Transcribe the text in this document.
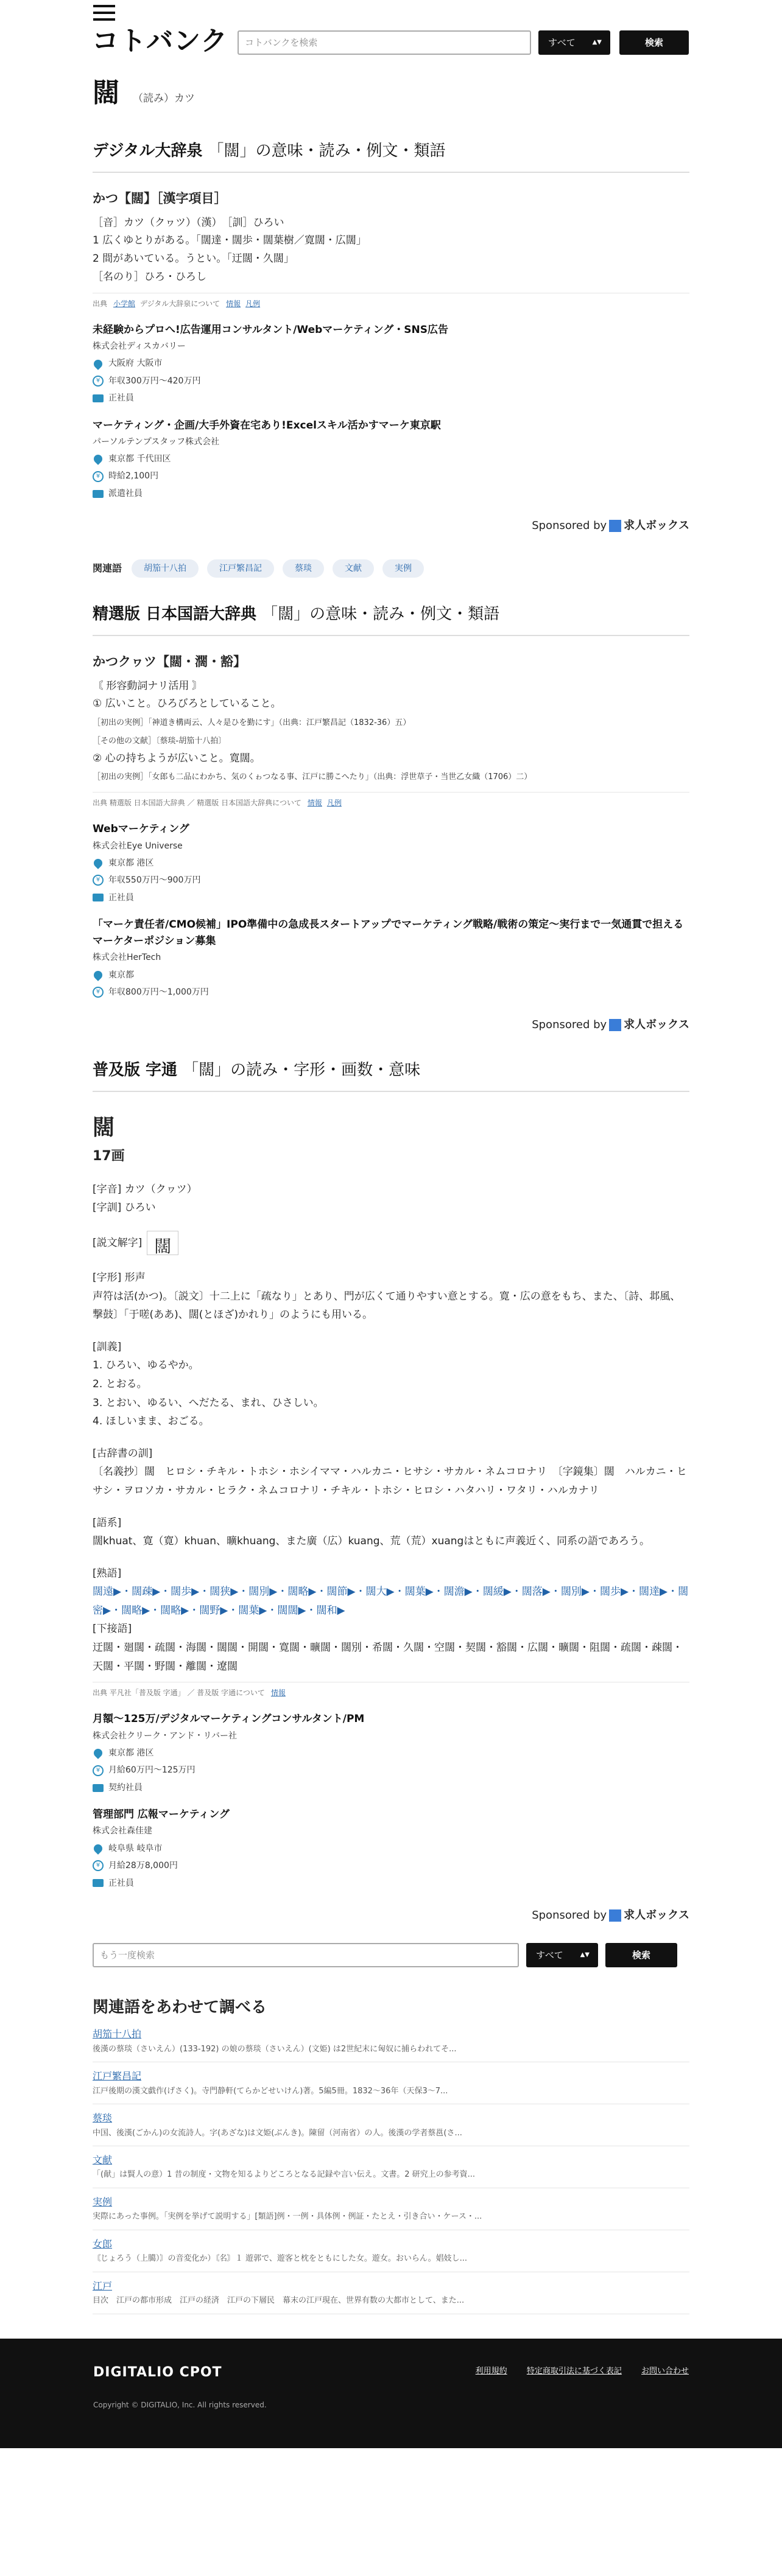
コトバンク	コトバンクを検索	すべて	▲▼	検索
闊 （読み）カツ
デジタル大辞泉 「闊」の意味・読み・例文・類語
かつ【闊】［漢字項目］
［音］カツ（クヮツ）（漢）　［訓］ひろい
1 広くゆとりがある。「闊達・闊歩・闊葉樹／寛闊・広闊」
2 間があいている。うとい。「迂闊・久闊」
［名のり］ひろ・ひろし
出典 小学館 デジタル大辞泉について 情報 凡例
未経験からプロへ!広告運用コンサルタント/Webマーケティング・SNS広告
株式会社ディスカバリー
大阪府 大阪市
¥ 年収300万円〜420万円
正社員
マーケティング・企画/大手外資在宅あり!Excelスキル活かすマーケ東京駅
パーソルテンプスタッフ株式会社
東京都 千代田区
¥ 時給2,100円
派遣社員
Sponsored by 求人ボックス
関連語	胡笳十八拍	江戸繁昌記	蔡琰	文献	実例
精選版 日本国語大辞典 「闊」の意味・読み・例文・類語
かつクヮツ【闊・濶・豁】
〘 形容動詞ナリ活用 〙
① 広いこと。ひろびろとしていること。
［初出の実例］「神道き構両云、人々是ひを勤にす」（出典：江戸繁昌記（1832‐36）五）
［その他の文献］〔蔡琰‐胡笳十八拍〕
② 心の持ちようが広いこと。寛闊。
［初出の実例］「女郎も二品にわかち、気のくゎつなる事、江戸に勝こへたり」（出典：浮世草子・当世乙女織（1706）二）
出典 精選版 日本国語大辞典 ／ 精選版 日本国語大辞典について 情報 凡例
Webマーケティング
株式会社Eye Universe
東京都 港区
¥ 年収550万円〜900万円
正社員
「マーケ責任者/CMO候補」IPO準備中の急成長スタートアップでマーケティング戦略/戦術の策定〜実行まで一気通貫で担えるマーケターポジション募集
株式会社HerTech
東京都
¥ 年収800万円〜1,000万円
Sponsored by 求人ボックス
普及版 字通 「闊」の読み・字形・画数・意味
闊
17画
[字音] カツ（クヮツ）
[字訓] ひろい
[説文解字] 闊
[字形] 形声
声符は活(かつ)。〔説文〕十二上に「疏なり」とあり、門が広くて通りやすい意とする。寛・広の意をもち、また、〔詩、邶風、撃鼓〕「于嗟(ああ)、闊(とほざ)かれり」のようにも用いる。
[訓義]
1. ひろい、ゆるやか。
2. とおる。
3. とおい、ゆるい、へだたる、まれ、ひさしい。
4. ほしいまま、おごる。
[古辞書の訓]
〔名義抄〕闊　ヒロシ・チキル・トホシ・ホシイママ・ハルカニ・ヒサシ・サカル・ネムコロナリ　〔字鏡集〕闊　ハルカニ・ヒサシ・ヲロソカ・サカル・ヒラク・ネムコロナリ・チキル・トホシ・ヒロシ・ハタハリ・ワタリ・ハルカナリ
[語系]
闊khuat、寛（寛）khuan、曠khuang、また廣（広）kuang、荒（荒）xuangはともに声義近く、同系の語であろう。
[熟語]
闊遠▶・闊疎▶・闊歩▶・闊狭▶・闊別▶・闊略▶・闊節▶・闊大▶・闊葉▶・闊澹▶・闊緩▶・闊落▶・闊別▶・闊歩▶・闊達▶・闊密▶・闊略▶・闊略▶・闊野▶・闊葉▶・闊闊▶・闊和▶
[下接語]
迂闊・廻闊・疏闊・海闊・闊闊・開闊・寛闊・曠闊・闊別・希闊・久闊・空闊・契闊・豁闊・広闊・曠闊・阻闊・疏闊・疎闊・天闊・平闊・野闊・離闊・遼闊
出典 平凡社「普及版 字通」 ／ 普及版 字通について 情報
月額〜125万/デジタルマーケティングコンサルタント/PM
株式会社クリーク・アンド・リバー社
東京都 港区
¥ 月給60万円〜125万円
契約社員
管理部門 広報マーケティング
株式会社森佳建
岐阜県 岐阜市
¥ 月給28万8,000円
正社員
Sponsored by 求人ボックス
もう一度検索	すべて	▲▼	検索
関連語をあわせて調べる
胡笳十八拍
後漢の蔡琰（さいえん）(133‐192) の娘の蔡琰（さいえん）(文姫) は2世紀末に匈奴に捕らわれてそ...
江戸繁昌記
江戸後期の漢文戯作(げさく)。寺門静軒(てらかどせいけん)著。5編5冊。1832〜36年（天保3〜7...
蔡琰
中国、後漢(ごかん)の女流詩人。字(あざな)は文姫(ぶんき)。陳留（河南省）の人。後漢の学者蔡邕(さ...
文献
「(献」は賢人の意）1 昔の制度・文物を知るよりどころとなる記録や言い伝え。文書。2 研究上の参考資...
実例
実際にあった事例。「実例を挙げて説明する」[類語]例・一例・具体例・例証・たとえ・引き合い・ケース・...
女郎
〘じょろう（上臈）〙の音変化か）〘名〙１ 遊郭で、遊客と枕をともにした女。遊女。おいらん。娼妓し...
江戸
目次　江戸の都市形成　江戸の経済　江戸の下層民　幕末の江戸現在、世界有数の大都市として、また...
DIGITALIO CPOT	利用規約 特定商取引法に基づく表記 お問い合わせ
Copyright © DIGITALIO, Inc. All rights reserved.
